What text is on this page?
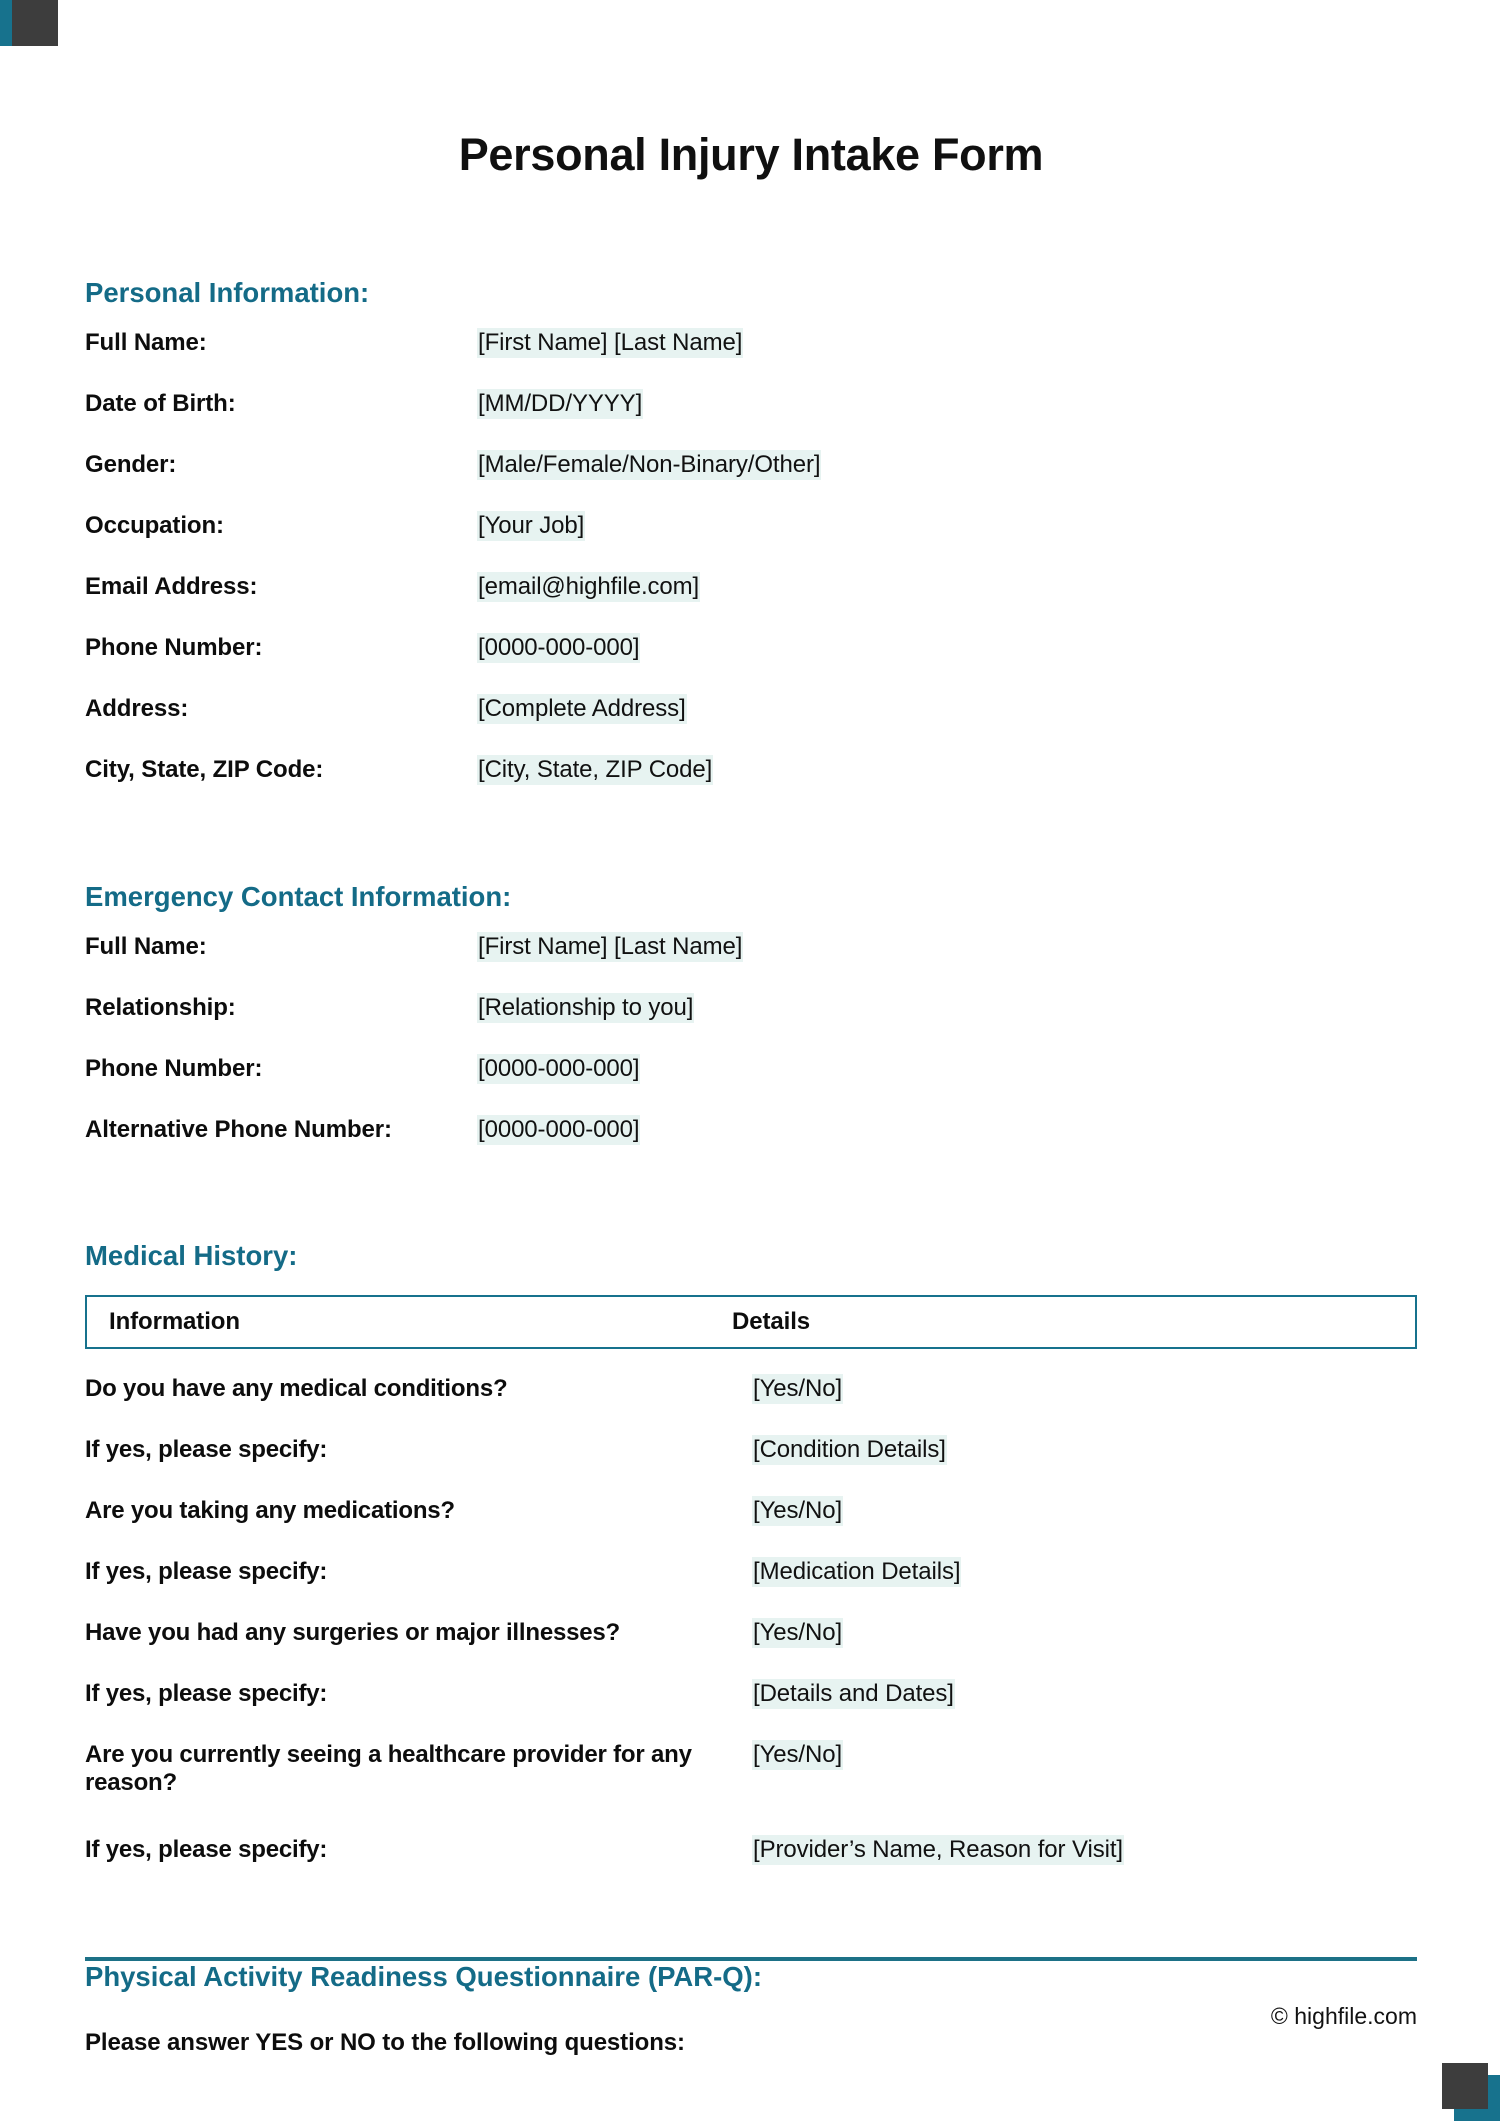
Personal Injury Intake Form
Personal Information:
Full Name:	[First Name] [Last Name]
Date of Birth:	[MM/DD/YYYY]
Gender:	[Male/Female/Non-Binary/Other]
Occupation:	[Your Job]
Email Address:	[email@highfile.com]
Phone Number:	[0000-000-000]
Address:	[Complete Address]
City, State, ZIP Code:	[City, State, ZIP Code]
Emergency Contact Information:
Full Name:	[First Name] [Last Name]
Relationship:	[Relationship to you]
Phone Number:	[0000-000-000]
Alternative Phone Number:	[0000-000-000]
Medical History:
Information	Details
Do you have any medical conditions?	[Yes/No]
If yes, please specify:	[Condition Details]
Are you taking any medications?	[Yes/No]
If yes, please specify:	[Medication Details]
Have you had any surgeries or major illnesses?	[Yes/No]
If yes, please specify:	[Details and Dates]
Are you currently seeing a healthcare provider for any reason?
[Yes/No]
If yes, please specify:	[Provider’s Name, Reason for Visit]
Physical Activity Readiness Questionnaire (PAR-Q):
Please answer YES or NO to the following questions:
© highfile.com
